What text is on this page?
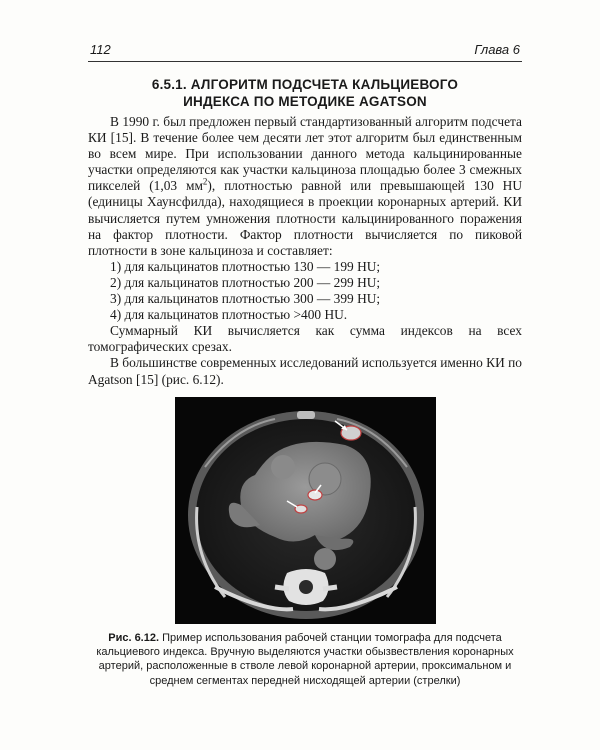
112	Глава 6
6.5.1. АЛГОРИТМ ПОДСЧЕТА КАЛЬЦИЕВОГО
ИНДЕКСА ПО МЕТОДИКЕ AGATSON

В 1990 г. был предложен первый стандартизованный алгоритм подсчета КИ [15]. В течение более чем десяти лет этот алгоритм был единственным во всем мире. При использовании данного метода кальцинированные участки определяются как участки кальциноза площадью более 3 смежных пикселей (1,03 $мм^2$), плотностью равной или превышающей 130 HU (единицы Хаунсфилда), находящиеся в проекции коронарных артерий. КИ вычисляется путем умножения плотности кальцинированного поражения на фактор плотности. Фактор плотности вычисляется по пиковой плотности в зоне кальциноза и составляет:

1) для кальцинатов плотностью 130 — 199 HU;

2) для кальцинатов плотностью 200 — 299 HU;

3) для кальцинатов плотностью 300 — 399 HU;

4) для кальцинатов плотностью >400 HU.

Суммарный КИ вычисляется как сумма индексов на всех томографических срезах.

В большинстве современных исследований используется именно КИ по Agatson [15] (рис. 6.12).

Рис. 6.12. Пример использования рабочей станции томографа для подсчета кальциевого индекса. Вручную выделяются участки обызвествления коронарных артерий, расположенные в стволе левой коронарной артерии, проксимальном и среднем сегментах передней нисходящей артерии (стрелки)
